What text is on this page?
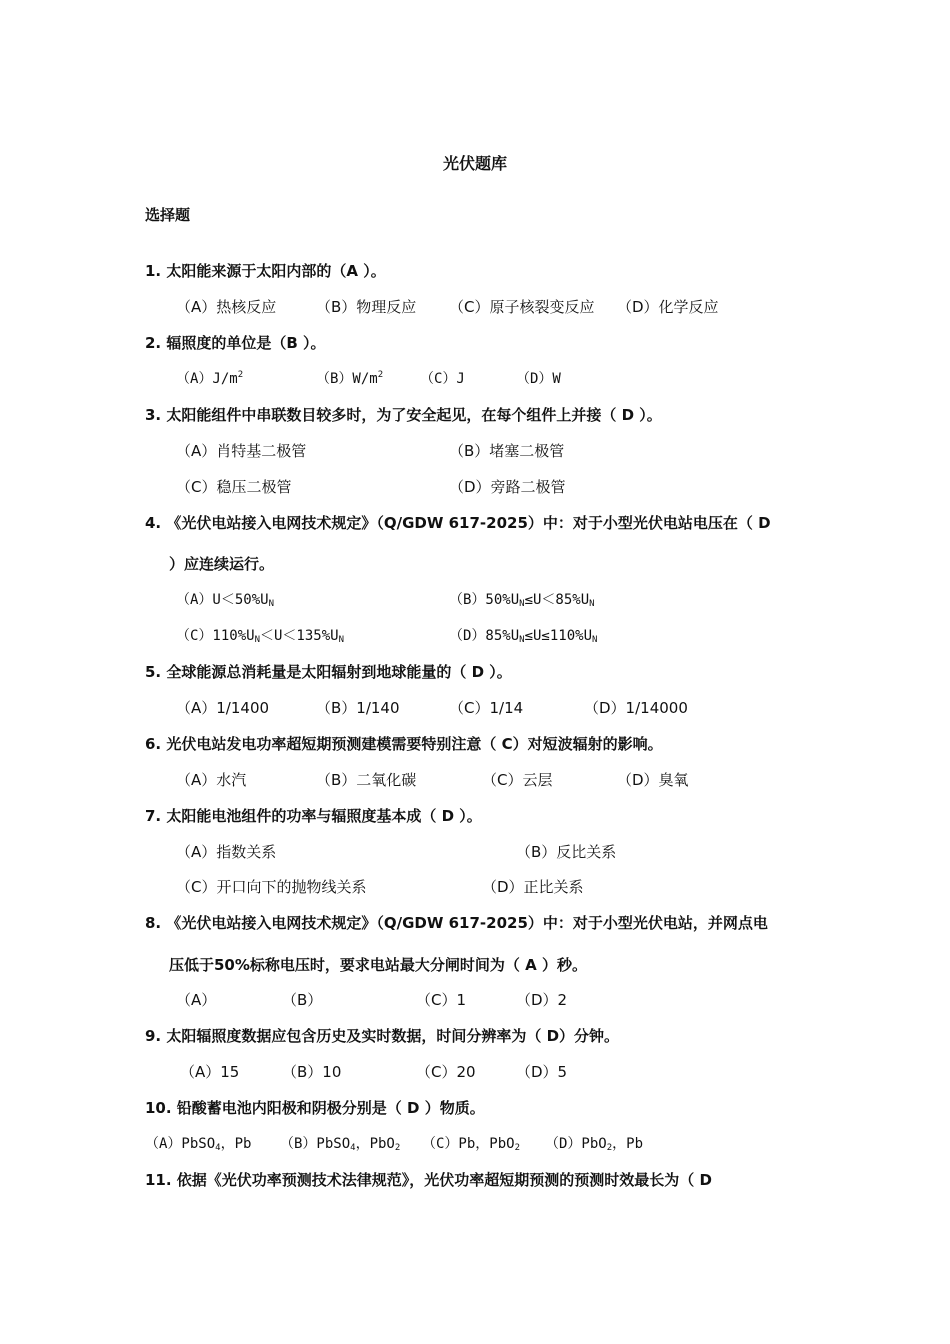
光伏题库
选择题
1. 太阳能来源于太阳内部的（A ）。
（A）热核反应	（B）物理反应 （C）原子核裂变反应 （D）化学反应
2. 辐照度的单位是（B ）。
$(A)J/m^2$	$(B)W/m^2$	（C）J	（D）W
3. 太阳能组件中串联数目较多时，为了安全起见，在每个组件上并接（ D ）。
（A）肖特基二极管	（B）堵塞二极管
（C）稳压二极管	（D）旁路二极管
4. 《光伏电站接入电网技术规定》（Q/GDW 617-2025）中：对于小型光伏电站电压在（ D
）应连续运行。
$(A)U<50\%U_N$	$(B)50\%U_N\le U<85\%U_N$
$(C)110\%U_N<U<135\%U_N$	$(D)85\%U_N\le U\le 110\%U_N$
5. 全球能源总消耗量是太阳辐射到地球能量的（ D ）。
（A）1/1400	（B）1/140	（C）1/14	（D）1/14000
6. 光伏电站发电功率超短期预测建模需要特别注意（ C）对短波辐射的影响。
（A）水汽	（B）二氧化碳	（C）云层	（D）臭氧
7. 太阳能电池组件的功率与辐照度基本成（ D ）。
（A）指数关系	（B）反比关系
（C）开口向下的抛物线关系	（D）正比关系
8. 《光伏电站接入电网技术规定》（Q/GDW 617-2025）中：对于小型光伏电站，并网点电
压低于50%标称电压时，要求电站最大分闸时间为（ A ）秒。
（A）	（B）	（C）1	（D）2
9. 太阳辐照度数据应包含历史及实时数据，时间分辨率为（ D）分钟。
（A）15	（B）10	（C）20	（D）5
10. 铅酸蓄电池内阳极和阴极分别是（ D ）物质。
（A）PbSO$_4$，Pb （B）PbSO$_4$，PbO$_2$ （C）Pb，PbO$_2$ （D）PbO$_2$，Pb
11. 依据《光伏功率预测技术法律规范》，光伏功率超短期预测的预测时效最长为（ D
